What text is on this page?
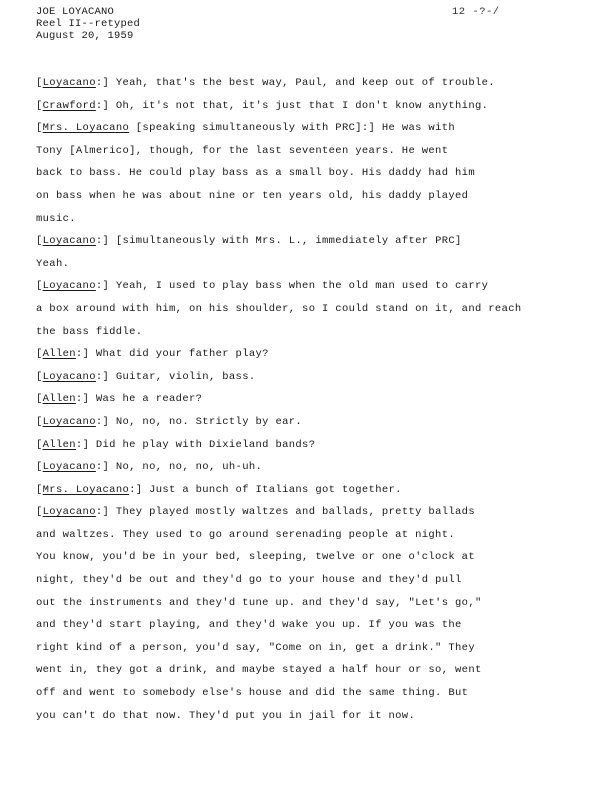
JOE LOYACANO
Reel II--retyped
August 20, 1959
12 -?-/
[Loyacano:] Yeah, that's the best way, Paul, and keep out of trouble.
[Crawford:] Oh, it's not that, it's just that I don't know anything.
[Mrs. Loyacano [speaking simultaneously with PRC]:] He was with
Tony [Almerico], though, for the last seventeen years. He went
back to bass. He could play bass as a small boy. His daddy had him
on bass when he was about nine or ten years old, his daddy played
music.
[Loyacano:] [simultaneously with Mrs. L., immediately after PRC]
Yeah.
[Loyacano:] Yeah, I used to play bass when the old man used to carry
a box around with him, on his shoulder, so I could stand on it, and reach
the bass fiddle.
[Allen:] What did your father play?
[Loyacano:] Guitar, violin, bass.
[Allen:] Was he a reader?
[Loyacano:] No, no, no. Strictly by ear.
[Allen:] Did he play with Dixieland bands?
[Loyacano:] No, no, no, no, uh-uh.
[Mrs. Loyacano:] Just a bunch of Italians got together.
[Loyacano:] They played mostly waltzes and ballads, pretty ballads
and waltzes. They used to go around serenading people at night.
You know, you'd be in your bed, sleeping, twelve or one o'clock at
night, they'd be out and they'd go to your house and they'd pull
out the instruments and they'd tune up. and they'd say, "Let's go,"
and they'd start playing, and they'd wake you up. If you was the
right kind of a person, you'd say, "Come on in, get a drink." They
went in, they got a drink, and maybe stayed a half hour or so, went
off and went to somebody else's house and did the same thing. But
you can't do that now. They'd put you in jail for it now.
